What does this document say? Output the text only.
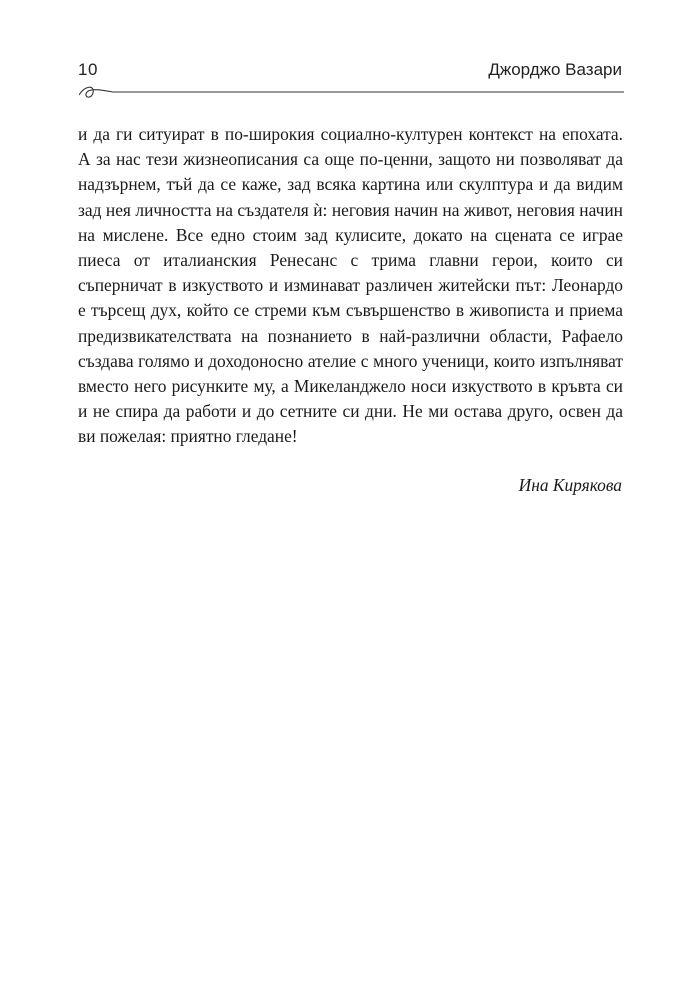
10	Джорджо Вазари

и да ги ситуират в по-широкия социално-културен контекст на епохата. А за нас тези жизнеописания са още по-ценни, защото ни позволяват да надзърнем, тъй да се каже, зад всяка картина или скулптура и да видим зад нея личността на създателя ѝ: неговия начин на живот, неговия начин на мислене. Все едно стоим зад кулисите, докато на сцената се играе пиеса от италианския Ренесанс с трима главни герои, които си съперничат в изкуството и изминават различен житейски път: Леонардо е търсещ дух, който се стреми към съвършенство в живописта и приема предизвикателствата на познанието в най-различни области, Рафаело създава голямо и доходоносно ателие с много ученици, които изпълняват вместо него рисунките му, а Микеланджело носи изкуството в кръвта си и не спира да работи и до сетните си дни. Не ми остава друго, освен да ви пожелая: приятно гледане!

Ина Кирякова
